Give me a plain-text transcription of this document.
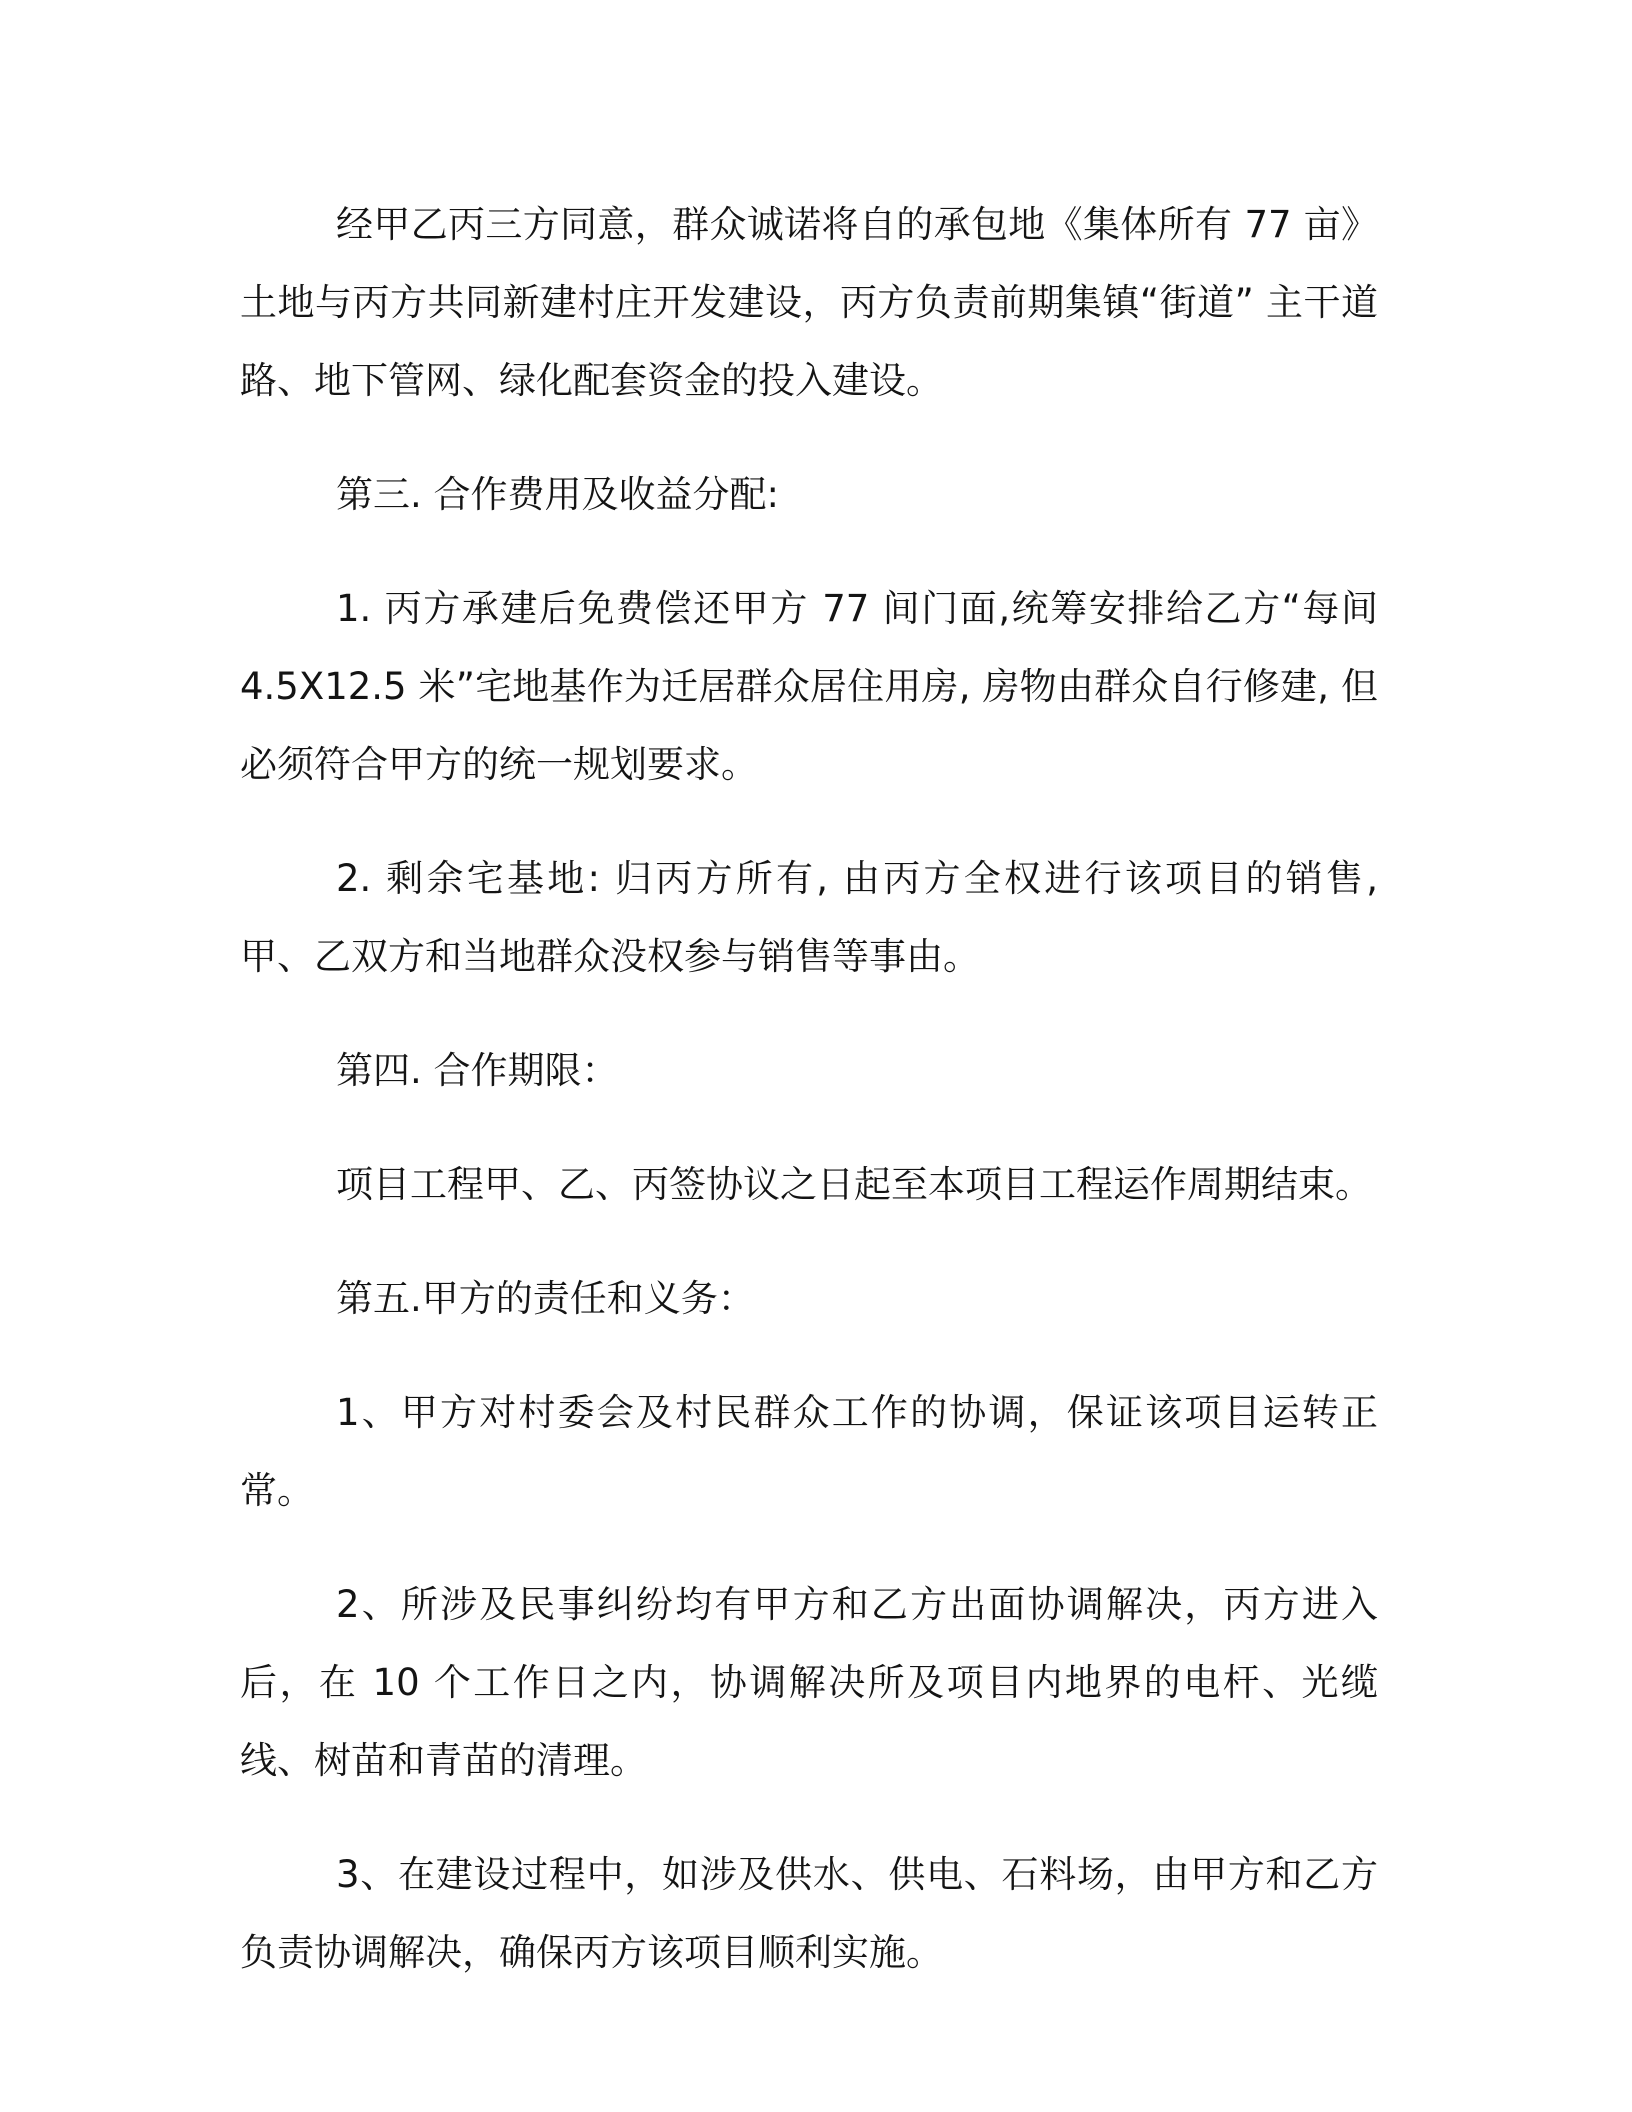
经甲乙丙三方同意，群众诚诺将自的承包地《集体所有 77 亩》土地与丙方共同新建村庄开发建设，丙方负责前期集镇“街道” 主干道路、地下管网、绿化配套资金的投入建设。

第三. 合作费用及收益分配:

1. 丙方承建后免费偿还甲方 77 间门面,统筹安排给乙方“每间 4.5X12.5 米”宅地基作为迁居群众居住用房, 房物由群众自行修建, 但必须符合甲方的统一规划要求。

2. 剩余宅基地: 归丙方所有, 由丙方全权进行该项目的销售, 甲、乙双方和当地群众没权参与销售等事由。

第四. 合作期限：

项目工程甲、乙、丙签协议之日起至本项目工程运作周期结束。

第五.甲方的责任和义务：

1、甲方对村委会及村民群众工作的协调，保证该项目运转正常。

2、所涉及民事纠纷均有甲方和乙方出面协调解决，丙方进入后，在 10 个工作日之内，协调解决所及项目内地界的电杆、光缆线、树苗和青苗的清理。

3、在建设过程中，如涉及供水、供电、石料场，由甲方和乙方负责协调解决，确保丙方该项目顺利实施。
